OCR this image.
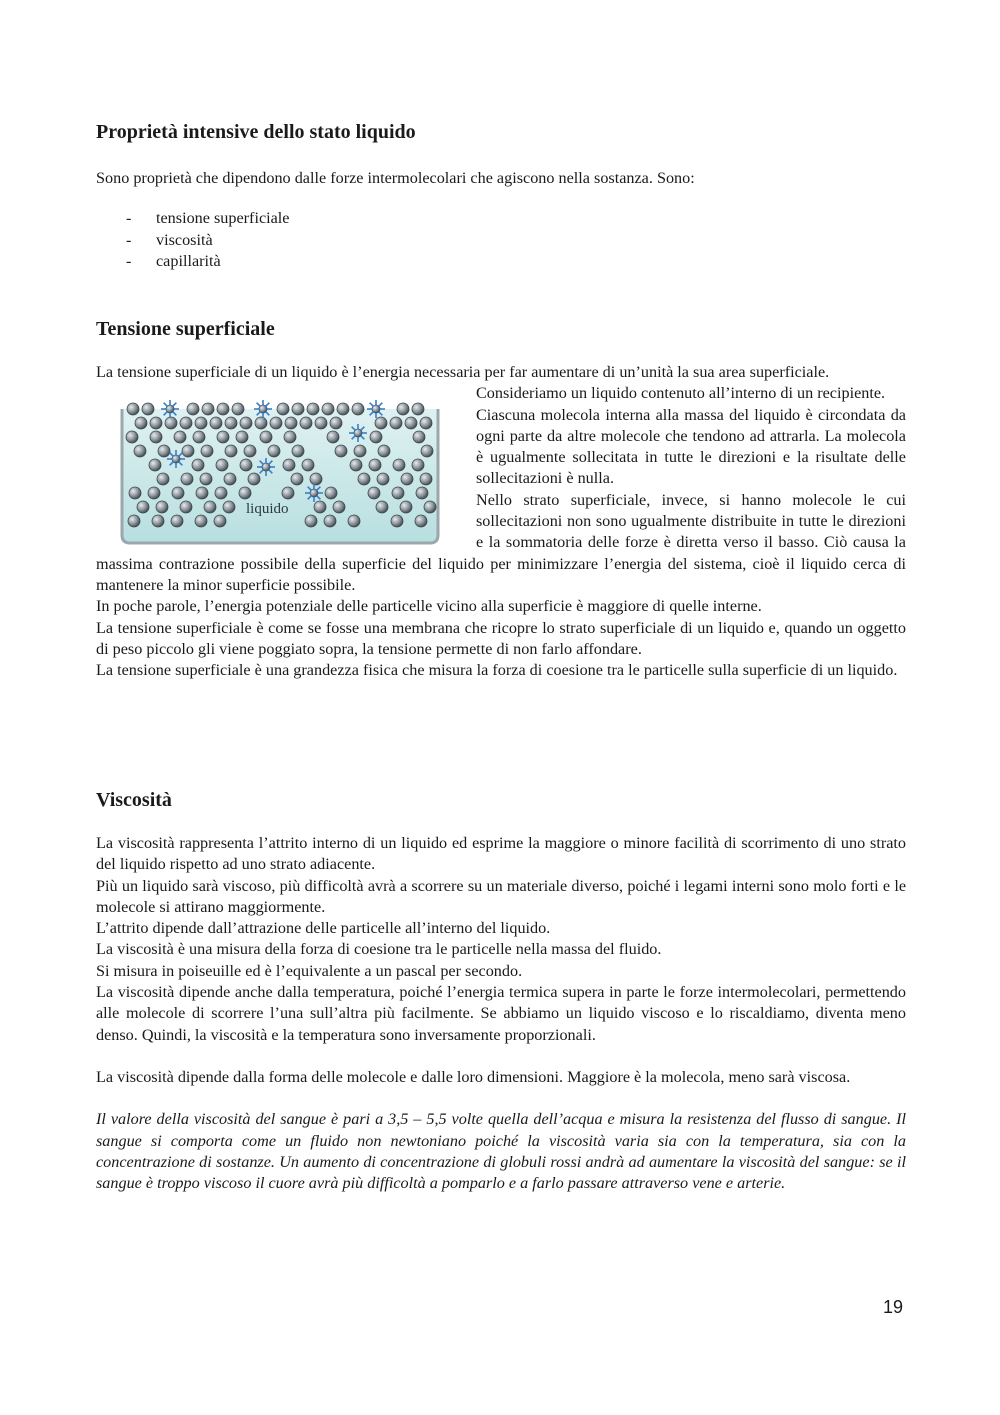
Proprietà intensive dello stato liquido

Sono proprietà che dipendono dalle forze intermolecolari che agiscono nella sostanza. Sono:

- tensione superficiale
- viscosità
- capillarità
Tensione superficiale

La tensione superficiale di un liquido è l’energia necessaria per far aumentare di un’unità la sua area superficiale.

liquido

Consideriamo un liquido contenuto all’interno di un recipiente.

Ciascuna molecola interna alla massa del liquido è circondata da ogni parte da altre molecole che tendono ad attrarla. La molecola è ugualmente sollecitata in tutte le direzioni e la risultate delle sollecitazioni è nulla.

Nello strato superficiale, invece, si hanno molecole le cui sollecitazioni non sono ugualmente distribuite in tutte le direzioni e la sommatoria delle forze è diretta verso il basso. Ciò causa la massima contrazione possibile della superficie del liquido per minimizzare l’energia del sistema, cioè il liquido cerca di mantenere la minor superficie possibile.

In poche parole, l’energia potenziale delle particelle vicino alla superficie è maggiore di quelle interne.

La tensione superficiale è come se fosse una membrana che ricopre lo strato superficiale di un liquido e, quando un oggetto di peso piccolo gli viene poggiato sopra, la tensione permette di non farlo affondare.

La tensione superficiale è una grandezza fisica che misura la forza di coesione tra le particelle sulla superficie di un liquido.

Viscosità

La viscosità rappresenta l’attrito interno di un liquido ed esprime la maggiore o minore facilità di scorrimento di uno strato del liquido rispetto ad uno strato adiacente.

Più un liquido sarà viscoso, più difficoltà avrà a scorrere su un materiale diverso, poiché i legami interni sono molo forti e le molecole si attirano maggiormente.

L’attrito dipende dall’attrazione delle particelle all’interno del liquido.

La viscosità è una misura della forza di coesione tra le particelle nella massa del fluido.

Si misura in poiseuille ed è l’equivalente a un pascal per secondo.

La viscosità dipende anche dalla temperatura, poiché l’energia termica supera in parte le forze intermolecolari, permettendo alle molecole di scorrere l’una sull’altra più facilmente. Se abbiamo un liquido viscoso e lo riscaldiamo, diventa meno denso. Quindi, la viscosità e la temperatura sono inversamente proporzionali.

La viscosità dipende dalla forma delle molecole e dalle loro dimensioni. Maggiore è la molecola, meno sarà viscosa.

Il valore della viscosità del sangue è pari a 3,5 – 5,5 volte quella dell’acqua e misura la resistenza del flusso di sangue. Il sangue si comporta come un fluido non newtoniano poiché la viscosità varia sia con la temperatura, sia con la concentrazione di sostanze. Un aumento di concentrazione di globuli rossi andrà ad aumentare la viscosità del sangue: se il sangue è troppo viscoso il cuore avrà più difficoltà a pomparlo e a farlo passare attraverso vene e arterie.

19
